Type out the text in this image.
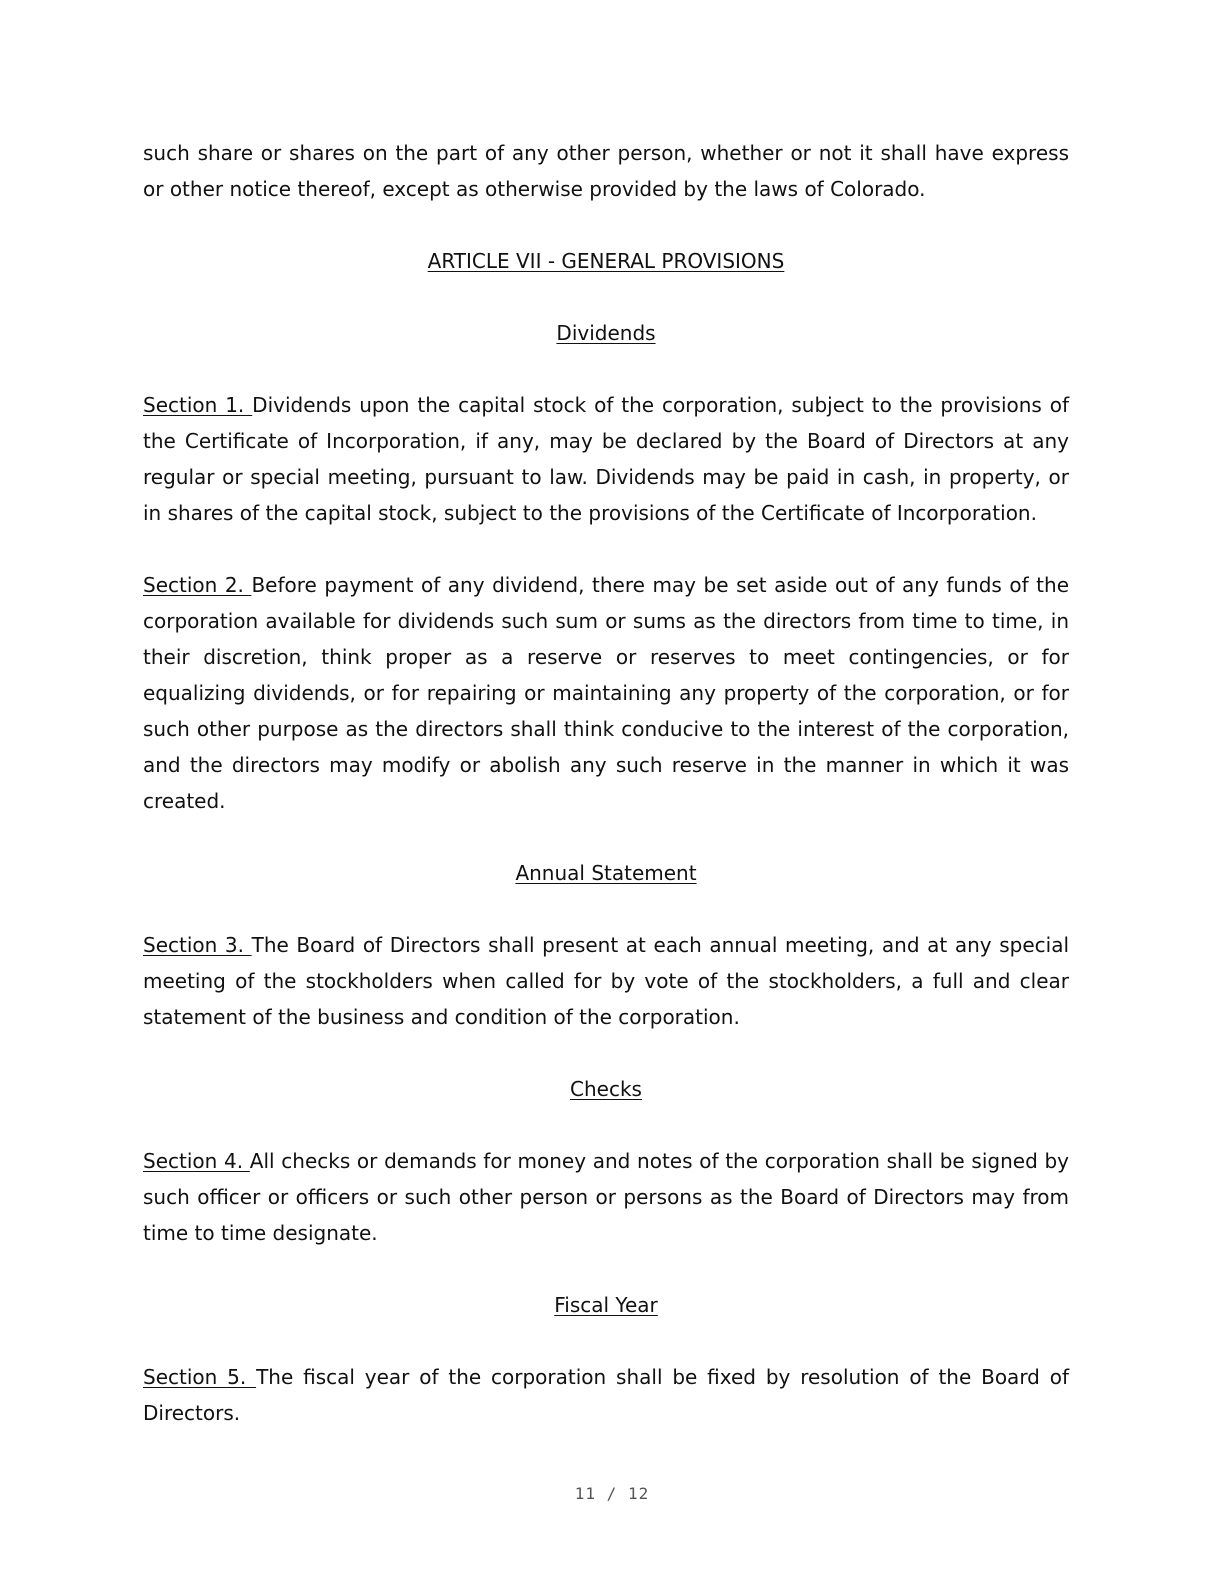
such share or shares on the part of any other person, whether or not it shall have express or other notice thereof, except as otherwise provided by the laws of Colorado.

ARTICLE VII - GENERAL PROVISIONS

Dividends

Section 1. Dividends upon the capital stock of the corporation, subject to the provisions of the Certificate of Incorporation, if any, may be declared by the Board of Directors at any regular or special meeting, pursuant to law. Dividends may be paid in cash, in property, or in shares of the capital stock, subject to the provisions of the Certificate of Incorporation.

Section 2. Before payment of any dividend, there may be set aside out of any funds of the corporation available for dividends such sum or sums as the directors from time to time, in their discretion, think proper as a reserve or reserves to meet contingencies, or for equalizing dividends, or for repairing or maintaining any property of the corporation, or for such other purpose as the directors shall think conducive to the interest of the corporation, and the directors may modify or abolish any such reserve in the manner in which it was created.

Annual Statement

Section 3. The Board of Directors shall present at each annual meeting, and at any special meeting of the stockholders when called for by vote of the stockholders, a full and clear statement of the business and condition of the corporation.

Checks

Section 4. All checks or demands for money and notes of the corporation shall be signed by such officer or officers or such other person or persons as the Board of Directors may from time to time designate.

Fiscal Year

Section 5. The fiscal year of the corporation shall be fixed by resolution of the Board of Directors.

11 / 12
